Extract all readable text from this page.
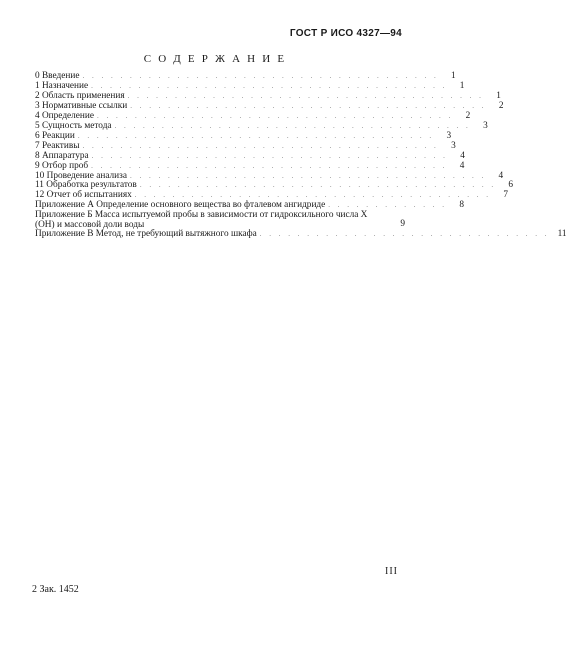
ГОСТ Р ИСО 4327—94
С О Д Е Р Ж А Н И Е
0 Введение . . . . . . . . . . . . . . . . . . . . . . . . . . . . . . . . . . . . . .	1
1 Назначение . . . . . . . . . . . . . . . . . . . . . . . . . . . . . . . . . . . . . .	1
2 Область применения . . . . . . . . . . . . . . . . . . . . . . . . . . . . . . . . . . . . . .	1
3 Нормативные ссылки . . . . . . . . . . . . . . . . . . . . . . . . . . . . . . . . . . . . . .	2
4 Определение . . . . . . . . . . . . . . . . . . . . . . . . . . . . . . . . . . . . . .	2
5 Сущность метода . . . . . . . . . . . . . . . . . . . . . . . . . . . . . . . . . . . . . .	3
6 Реакции . . . . . . . . . . . . . . . . . . . . . . . . . . . . . . . . . . . . . .	3
7 Реактивы . . . . . . . . . . . . . . . . . . . . . . . . . . . . . . . . . . . . . .	3
8 Аппаратура . . . . . . . . . . . . . . . . . . . . . . . . . . . . . . . . . . . . . .	4
9 Отбор проб . . . . . . . . . . . . . . . . . . . . . . . . . . . . . . . . . . . . . .	4
10 Проведение анализа . . . . . . . . . . . . . . . . . . . . . . . . . . . . . . . . . . . . . .	4
11 Обработка результатов . . . . . . . . . . . . . . . . . . . . . . . . . . . . . . . . . . . . . .	6
12 Отчет об испытаниях . . . . . . . . . . . . . . . . . . . . . . . . . . . . . . . . . . . . . .	7
Приложение А Определение основного вещества во фталевом ангидриде . . . . . . . . . . . . .	8
Приложение Б Масса испытуемой пробы в зависимости от гидроксильного числа X (OH) и массовой доли воды	9
Приложение В Метод, не требующий вытяжного шкафа . . . . . . . . . . . . . . . . . . . . . . . . . . . . . . . 11
III
2 Зак. 1452
